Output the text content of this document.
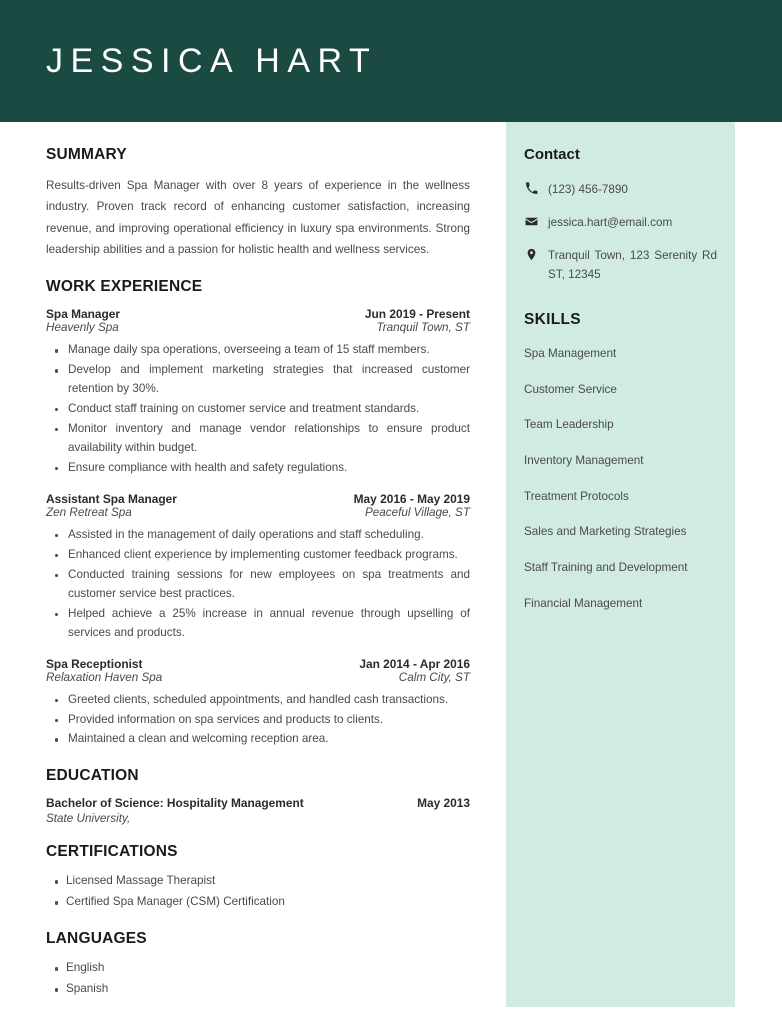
JESSICA HART
SUMMARY
Results-driven Spa Manager with over 8 years of experience in the wellness industry. Proven track record of enhancing customer satisfaction, increasing revenue, and improving operational efficiency in luxury spa environments. Strong leadership abilities and a passion for holistic health and wellness services.
WORK EXPERIENCE
Spa Manager	Jun 2019 - Present
Heavenly Spa	Tranquil Town, ST
Manage daily spa operations, overseeing a team of 15 staff members.
Develop and implement marketing strategies that increased customer retention by 30%.
Conduct staff training on customer service and treatment standards.
Monitor inventory and manage vendor relationships to ensure product availability within budget.
Ensure compliance with health and safety regulations.
Assistant Spa Manager	May 2016 - May 2019
Zen Retreat Spa	Peaceful Village, ST
Assisted in the management of daily operations and staff scheduling.
Enhanced client experience by implementing customer feedback programs.
Conducted training sessions for new employees on spa treatments and customer service best practices.
Helped achieve a 25% increase in annual revenue through upselling of services and products.
Spa Receptionist	Jan 2014 - Apr 2016
Relaxation Haven Spa	Calm City, ST
Greeted clients, scheduled appointments, and handled cash transactions.
Provided information on spa services and products to clients.
Maintained a clean and welcoming reception area.
EDUCATION
Bachelor of Science: Hospitality Management	May 2013
State University,
CERTIFICATIONS
Licensed Massage Therapist
Certified Spa Manager (CSM) Certification
LANGUAGES
English
Spanish
Contact
(123) 456-7890
jessica.hart@email.com
Tranquil Town, 123 Serenity Rd ST, 12345
SKILLS
Spa Management
Customer Service
Team Leadership
Inventory Management
Treatment Protocols
Sales and Marketing Strategies
Staff Training and Development
Financial Management
